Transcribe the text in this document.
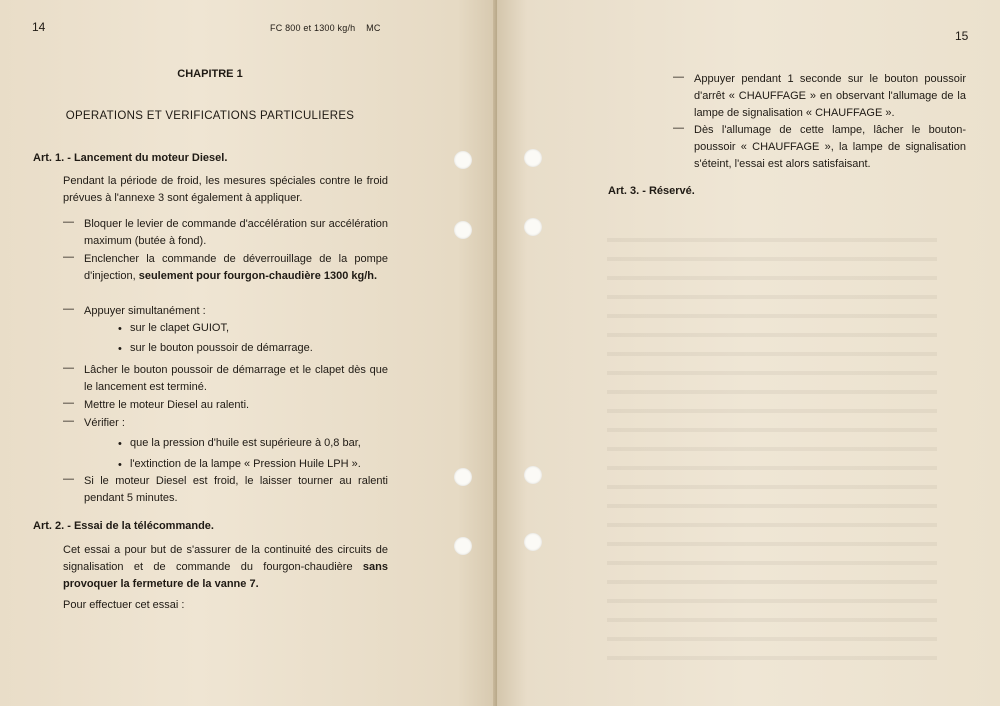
14	FC 800 et 1300 kg/h    MC
CHAPITRE 1
OPERATIONS ET VERIFICATIONS PARTICULIERES
Art. 1. - Lancement du moteur Diesel.
Pendant la période de froid, les mesures spéciales contre le froid prévues à l'annexe 3 sont également à appliquer.
— Bloquer le levier de commande d'accélération sur accélération maximum (butée à fond).
— Enclencher la commande de déverrouillage de la pompe d'injection, seulement pour fourgon-chaudière 1300 kg/h.
— Appuyer simultanément :
• sur le clapet GUIOT,
• sur le bouton poussoir de démarrage.
— Lâcher le bouton poussoir de démarrage et le clapet dès que le lancement est terminé.
— Mettre le moteur Diesel au ralenti.
— Vérifier :
• que la pression d'huile est supérieure à 0,8 bar,
• l'extinction de la lampe « Pression Huile LPH ».
— Si le moteur Diesel est froid, le laisser tourner au ralenti pendant 5 minutes.
Art. 2. - Essai de la télécommande.
Cet essai a pour but de s'assurer de la continuité des circuits de signalisation et de commande du fourgon-chaudière sans provoquer la fermeture de la vanne 7.
Pour effectuer cet essai :
15
— Appuyer pendant 1 seconde sur le bouton poussoir d'arrêt « CHAUFFAGE » en observant l'allumage de la lampe de signalisation « CHAUFFAGE ».
— Dès l'allumage de cette lampe, lâcher le bouton-poussoir « CHAUFFAGE », la lampe de signalisation s'éteint, l'essai est alors satisfaisant.
Art. 3. - Réservé.
